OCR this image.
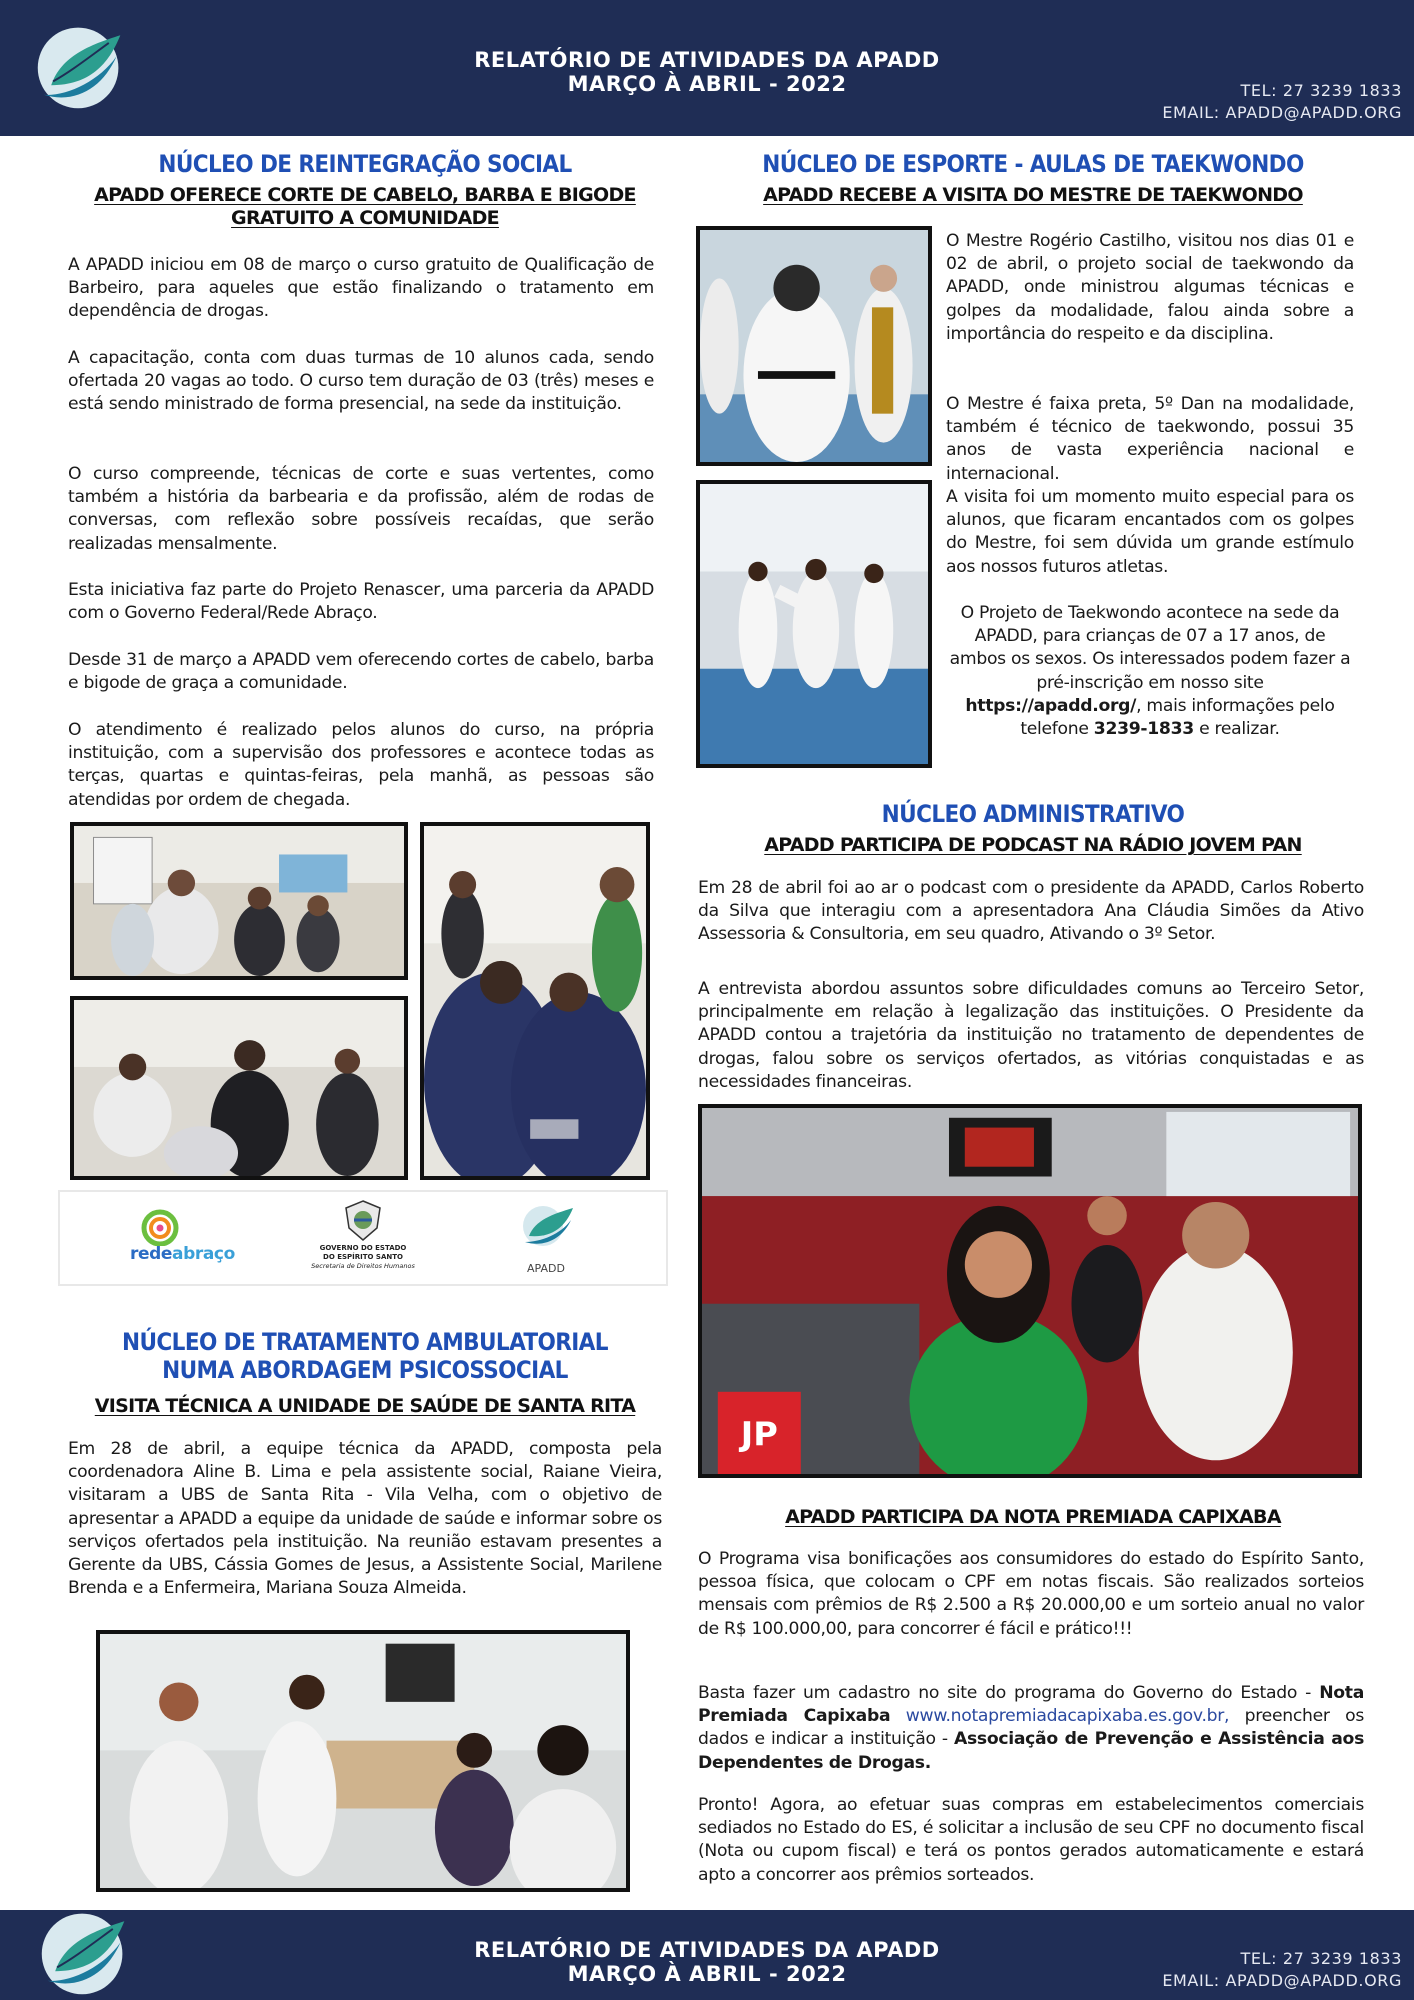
RELATÓRIO DE ATIVIDADES DA APADD
MARÇO À ABRIL - 2022	TEL: 27 3239 1833
EMAIL: APADD@APADD.ORG
NÚCLEO DE REINTEGRAÇÃO SOCIAL
APADD OFERECE CORTE DE CABELO, BARBA E BIGODE
GRATUITO A COMUNIDADE
A APADD iniciou em 08 de março o curso gratuito de Qualificação de Barbeiro, para aqueles que estão finalizando o tratamento em dependência de drogas.
A capacitação, conta com duas turmas de 10 alunos cada, sendo ofertada 20 vagas ao todo. O curso tem duração de 03 (três) meses e está sendo ministrado de forma presencial, na sede da instituição.
O curso compreende, técnicas de corte e suas vertentes, como também a história da barbearia e da profissão, além de rodas de conversas, com reflexão sobre possíveis recaídas, que serão realizadas mensalmente.
Esta iniciativa faz parte do Projeto Renascer, uma parceria da APADD com o Governo Federal/Rede Abraço.
Desde 31 de março a APADD vem oferecendo cortes de cabelo, barba e bigode de graça a comunidade.
O atendimento é realizado pelos alunos do curso, na própria instituição, com a supervisão dos professores e acontece todas as terças, quartas e quintas-feiras, pela manhã, as pessoas são atendidas por ordem de chegada.
redeabraço	GOVERNO DO ESTADO
DO ESPÍRITO SANTO
Secretaria de Direitos Humanos	APADD
NÚCLEO DE TRATAMENTO AMBULATORIAL
NUMA ABORDAGEM PSICOSSOCIAL
VISITA TÉCNICA A UNIDADE DE SAÚDE DE SANTA RITA
Em 28 de abril, a equipe técnica da APADD, composta pela coordenadora Aline B. Lima e pela assistente social, Raiane Vieira, visitaram a UBS de Santa Rita - Vila Velha, com o objetivo de apresentar a APADD a equipe da unidade de saúde e informar sobre os serviços ofertados pela instituição. Na reunião estavam presentes a Gerente da UBS, Cássia Gomes de Jesus, a Assistente Social, Marilene Brenda e a Enfermeira, Mariana Souza Almeida.
NÚCLEO DE ESPORTE - AULAS DE TAEKWONDO
APADD RECEBE A VISITA DO MESTRE DE TAEKWONDO
O Mestre Rogério Castilho, visitou nos dias 01 e 02 de abril, o projeto social de taekwondo da APADD, onde ministrou algumas técnicas e golpes da modalidade, falou ainda sobre a importância do respeito e da disciplina.
O Mestre é faixa preta, 5º Dan na modalidade, também é técnico de taekwondo, possui 35 anos de vasta experiência nacional e internacional.
A visita foi um momento muito especial para os alunos, que ficaram encantados com os golpes do Mestre, foi sem dúvida um grande estímulo aos nossos futuros atletas.
O Projeto de Taekwondo acontece na sede da APADD, para crianças de 07 a 17 anos, de ambos os sexos. Os interessados podem fazer a pré-inscrição em nosso site https://apadd.org/, mais informações pelo telefone 3239-1833 e realizar.
NÚCLEO ADMINISTRATIVO
APADD PARTICIPA DE PODCAST NA RÁDIO JOVEM PAN
Em 28 de abril foi ao ar o podcast com o presidente da APADD, Carlos Roberto da Silva que interagiu com a apresentadora Ana Cláudia Simões da Ativo Assessoria & Consultoria, em seu quadro, Ativando o 3º Setor.
A entrevista abordou assuntos sobre dificuldades comuns ao Terceiro Setor, principalmente em relação à legalização das instituições. O Presidente da APADD contou a trajetória da instituição no tratamento de dependentes de drogas, falou sobre os serviços ofertados, as vitórias conquistadas e as necessidades financeiras.
JP
APADD PARTICIPA DA NOTA PREMIADA CAPIXABA
O Programa visa bonificações aos consumidores do estado do Espírito Santo, pessoa física, que colocam o CPF em notas fiscais. São realizados sorteios mensais com prêmios de R$ 2.500 a R$ 20.000,00 e um sorteio anual no valor de R$ 100.000,00, para concorrer é fácil e prático!!!
Basta fazer um cadastro no site do programa do Governo do Estado - Nota Premiada Capixaba www.notapremiadacapixaba.es.gov.br, preencher os dados e indicar a instituição - Associação de Prevenção e Assistência aos Dependentes de Drogas.
Pronto! Agora, ao efetuar suas compras em estabelecimentos comerciais sediados no Estado do ES, é solicitar a inclusão de seu CPF no documento fiscal (Nota ou cupom fiscal) e terá os pontos gerados automaticamente e estará apto a concorrer aos prêmios sorteados.
RELATÓRIO DE ATIVIDADES DA APADD
MARÇO À ABRIL - 2022
TEL: 27 3239 1833
EMAIL: APADD@APADD.ORG
